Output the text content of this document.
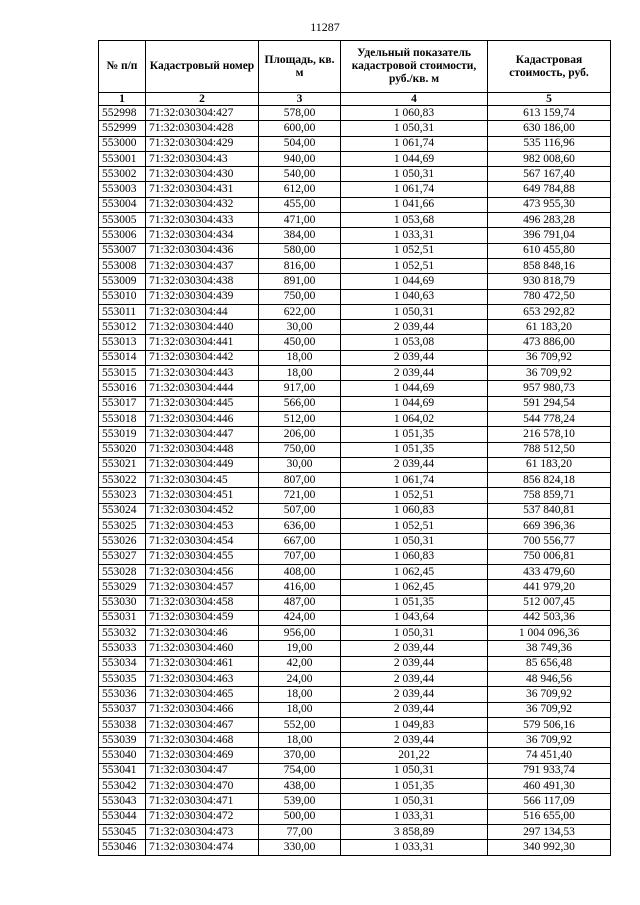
11287
№ п/п	Кадастровый номер	Площадь, кв. м	Удельный показатель кадастровой стоимости, руб./кв. м	Кадастровая стоимость, руб.
1	2	3	4	5
552998	71:32:030304:427	578,00	1 060,83	613 159,74
552999	71:32:030304:428	600,00	1 050,31	630 186,00
553000	71:32:030304:429	504,00	1 061,74	535 116,96
553001	71:32:030304:43	940,00	1 044,69	982 008,60
553002	71:32:030304:430	540,00	1 050,31	567 167,40
553003	71:32:030304:431	612,00	1 061,74	649 784,88
553004	71:32:030304:432	455,00	1 041,66	473 955,30
553005	71:32:030304:433	471,00	1 053,68	496 283,28
553006	71:32:030304:434	384,00	1 033,31	396 791,04
553007	71:32:030304:436	580,00	1 052,51	610 455,80
553008	71:32:030304:437	816,00	1 052,51	858 848,16
553009	71:32:030304:438	891,00	1 044,69	930 818,79
553010	71:32:030304:439	750,00	1 040,63	780 472,50
553011	71:32:030304:44	622,00	1 050,31	653 292,82
553012	71:32:030304:440	30,00	2 039,44	61 183,20
553013	71:32:030304:441	450,00	1 053,08	473 886,00
553014	71:32:030304:442	18,00	2 039,44	36 709,92
553015	71:32:030304:443	18,00	2 039,44	36 709,92
553016	71:32:030304:444	917,00	1 044,69	957 980,73
553017	71:32:030304:445	566,00	1 044,69	591 294,54
553018	71:32:030304:446	512,00	1 064,02	544 778,24
553019	71:32:030304:447	206,00	1 051,35	216 578,10
553020	71:32:030304:448	750,00	1 051,35	788 512,50
553021	71:32:030304:449	30,00	2 039,44	61 183,20
553022	71:32:030304:45	807,00	1 061,74	856 824,18
553023	71:32:030304:451	721,00	1 052,51	758 859,71
553024	71:32:030304:452	507,00	1 060,83	537 840,81
553025	71:32:030304:453	636,00	1 052,51	669 396,36
553026	71:32:030304:454	667,00	1 050,31	700 556,77
553027	71:32:030304:455	707,00	1 060,83	750 006,81
553028	71:32:030304:456	408,00	1 062,45	433 479,60
553029	71:32:030304:457	416,00	1 062,45	441 979,20
553030	71:32:030304:458	487,00	1 051,35	512 007,45
553031	71:32:030304:459	424,00	1 043,64	442 503,36
553032	71:32:030304:46	956,00	1 050,31	1 004 096,36
553033	71:32:030304:460	19,00	2 039,44	38 749,36
553034	71:32:030304:461	42,00	2 039,44	85 656,48
553035	71:32:030304:463	24,00	2 039,44	48 946,56
553036	71:32:030304:465	18,00	2 039,44	36 709,92
553037	71:32:030304:466	18,00	2 039,44	36 709,92
553038	71:32:030304:467	552,00	1 049,83	579 506,16
553039	71:32:030304:468	18,00	2 039,44	36 709,92
553040	71:32:030304:469	370,00	201,22	74 451,40
553041	71:32:030304:47	754,00	1 050,31	791 933,74
553042	71:32:030304:470	438,00	1 051,35	460 491,30
553043	71:32:030304:471	539,00	1 050,31	566 117,09
553044	71:32:030304:472	500,00	1 033,31	516 655,00
553045	71:32:030304:473	77,00	3 858,89	297 134,53
553046	71:32:030304:474	330,00	1 033,31	340 992,30
